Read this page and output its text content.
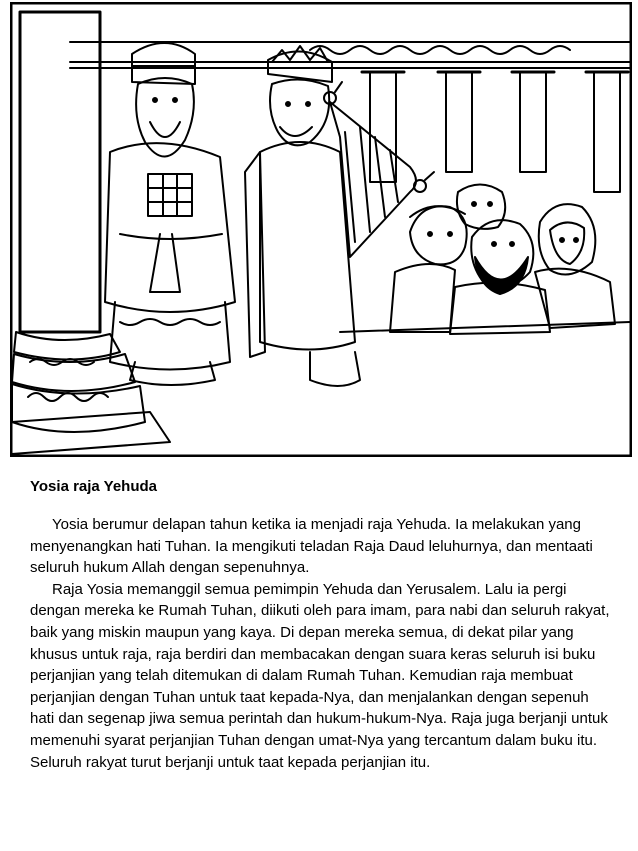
Yosia raja Yehuda

Yosia berumur delapan tahun ketika ia menjadi raja Yehuda. Ia melakukan yang menyenangkan hati Tuhan. Ia mengikuti teladan Raja Daud leluhurnya, dan mentaati seluruh hukum Allah dengan sepenuhnya.

Raja Yosia memanggil semua pemimpin Yehuda dan Yerusalem. Lalu ia pergi dengan mereka ke Rumah Tuhan, diikuti oleh para imam, para nabi dan seluruh rakyat, baik yang miskin maupun yang kaya. Di depan mereka semua, di dekat pilar yang khusus untuk raja, raja berdiri dan membacakan dengan suara keras seluruh isi buku perjanjian yang telah ditemukan di dalam Rumah Tuhan. Kemudian raja membuat perjanjian dengan Tuhan untuk taat kepada-Nya, dan menjalankan dengan sepenuh hati dan segenap jiwa semua perintah dan hukum-hukum-Nya. Raja juga berjanji untuk memenuhi syarat perjanjian Tuhan dengan umat-Nya yang tercantum dalam buku itu. Seluruh rakyat turut berjanji untuk taat kepada perjanjian itu.
